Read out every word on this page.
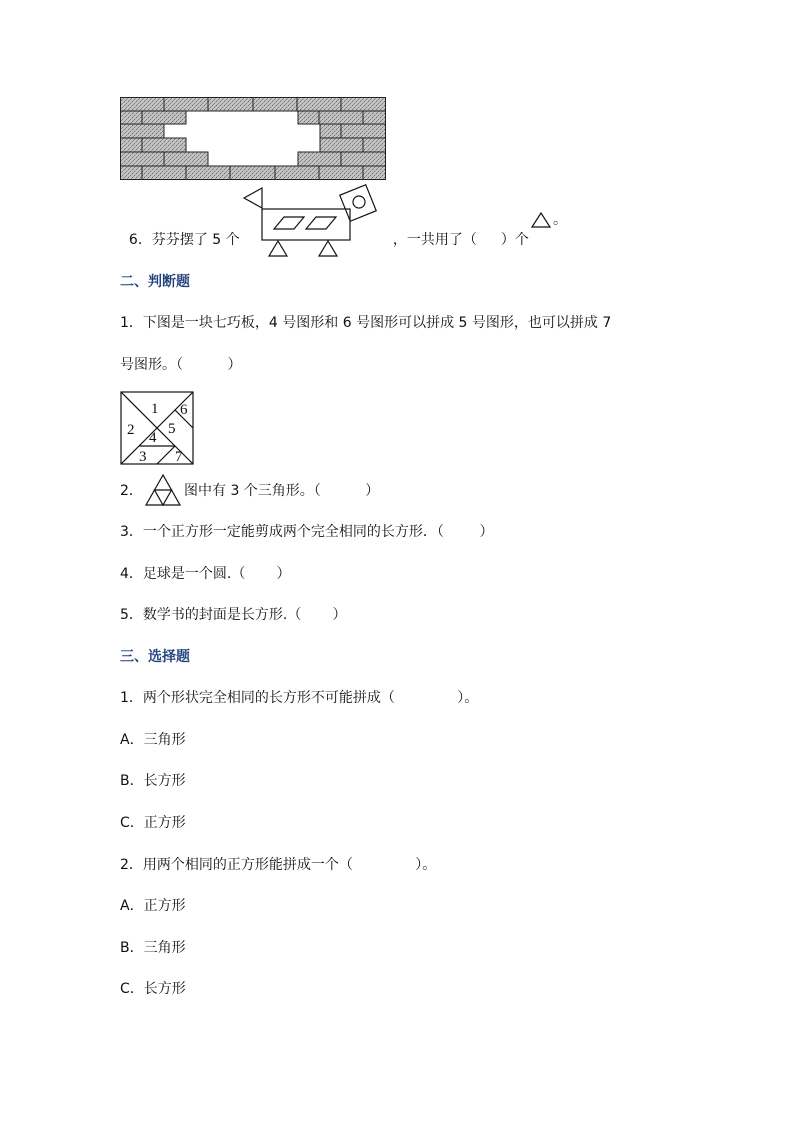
6．芬芬摆了 5 个	，一共用了（ ）个

。
二、判断题
1．下图是一块七巧板，4 号图形和 6 号图形可以拼成 5 号图形，也可以拼成 7
号图形。（          ）
1
2
3
4
5
6
7
2．	图中有 3 个三角形。（          ）
3．一个正方形一定能剪成两个完全相同的长方形．（        ）
4．足球是一个圆.（       ）
5．数学书的封面是长方形.（       ）
三、选择题
1．两个形状完全相同的长方形不可能拼成（              ）。
A．三角形
B．长方形
C．正方形
2．用两个相同的正方形能拼成一个（              ）。
A．正方形
B．三角形
C．长方形
